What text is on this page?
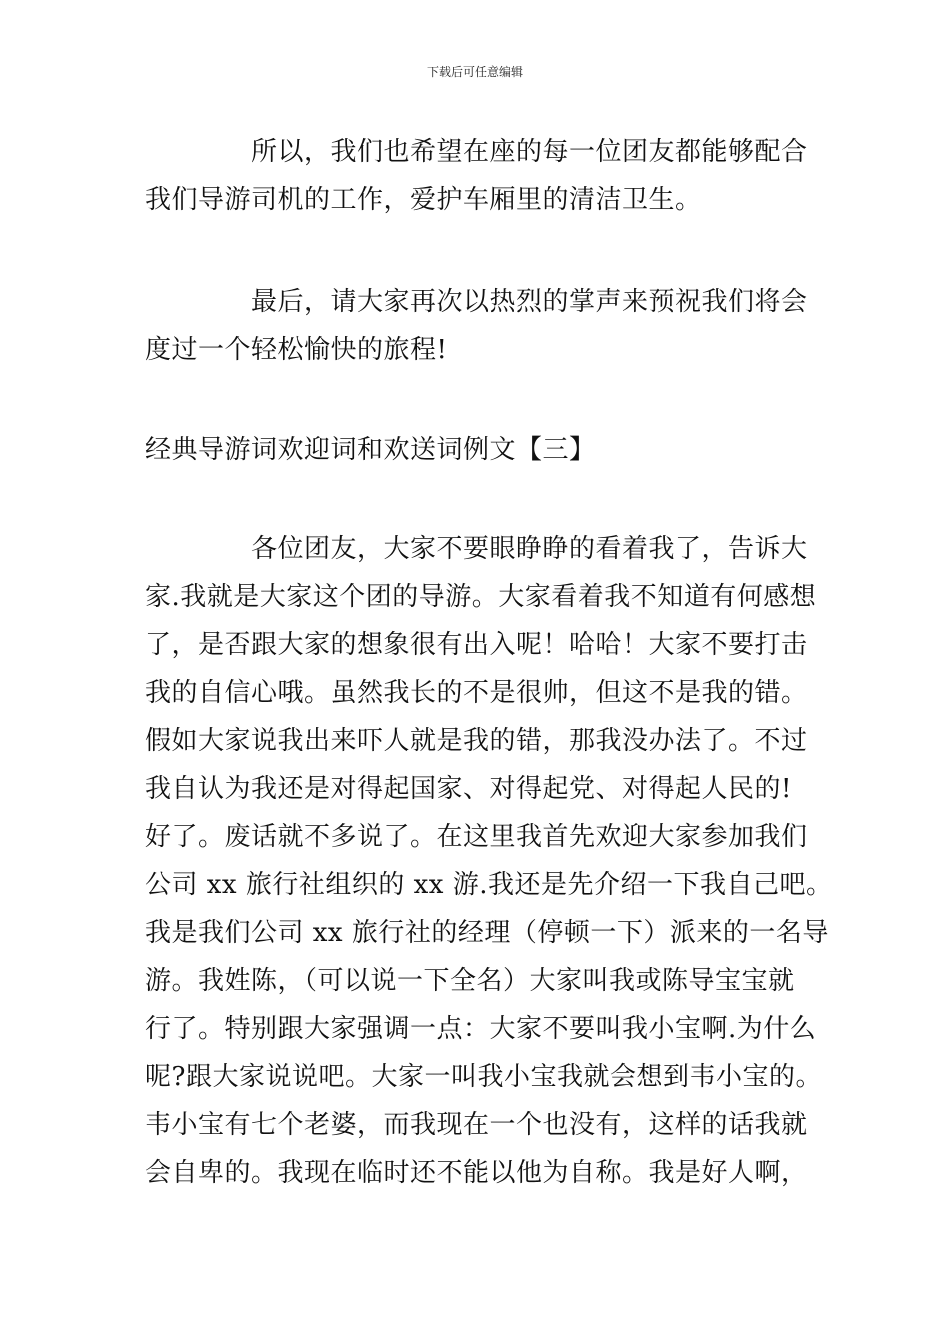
下载后可任意编辑

所以，我们也希望在座的每一位团友都能够配合
我们导游司机的工作，爱护车厢里的清洁卫生。

最后，请大家再次以热烈的掌声来预祝我们将会
度过一个轻松愉快的旅程!

经典导游词欢迎词和欢送词例文【三】

各位团友，大家不要眼睁睁的看着我了，告诉大
家.我就是大家这个团的导游。大家看着我不知道有何感想
了，是否跟大家的想象很有出入呢！哈哈！大家不要打击
我的自信心哦。虽然我长的不是很帅，但这不是我的错。
假如大家说我出来吓人就是我的错，那我没办法了。不过
我自认为我还是对得起国家、对得起党、对得起人民的!
好了。废话就不多说了。在这里我首先欢迎大家参加我们
公司 xx 旅行社组织的 xx 游.我还是先介绍一下我自己吧。
我是我们公司 xx 旅行社的经理（停顿一下）派来的一名导
游。我姓陈，（可以说一下全名）大家叫我或陈导宝宝就
行了。特别跟大家强调一点：大家不要叫我小宝啊.为什么
呢?跟大家说说吧。大家一叫我小宝我就会想到韦小宝的。
韦小宝有七个老婆，而我现在一个也没有，这样的话我就
会自卑的。我现在临时还不能以他为自称。我是好人啊，
